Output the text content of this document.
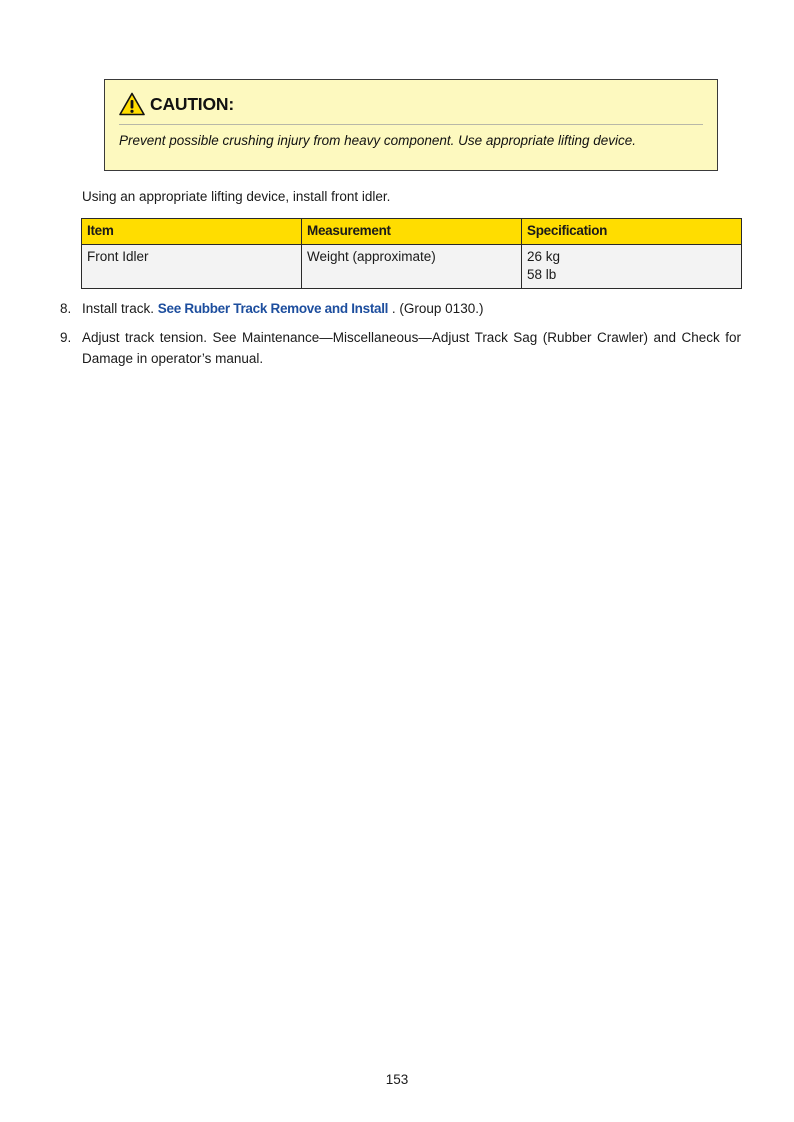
CAUTION:
Prevent possible crushing injury from heavy component. Use appropriate lifting device.
Using an appropriate lifting device, install front idler.
Item	Measurement	Specification
Front Idler	Weight (approximate)	26 kg
58 lb
8. Install track. See Rubber Track Remove and Install . (Group 0130.)
9. Adjust track tension. See Maintenance—Miscellaneous—Adjust Track Sag (Rubber Crawler) and Check for Damage in operator’s manual.
153
